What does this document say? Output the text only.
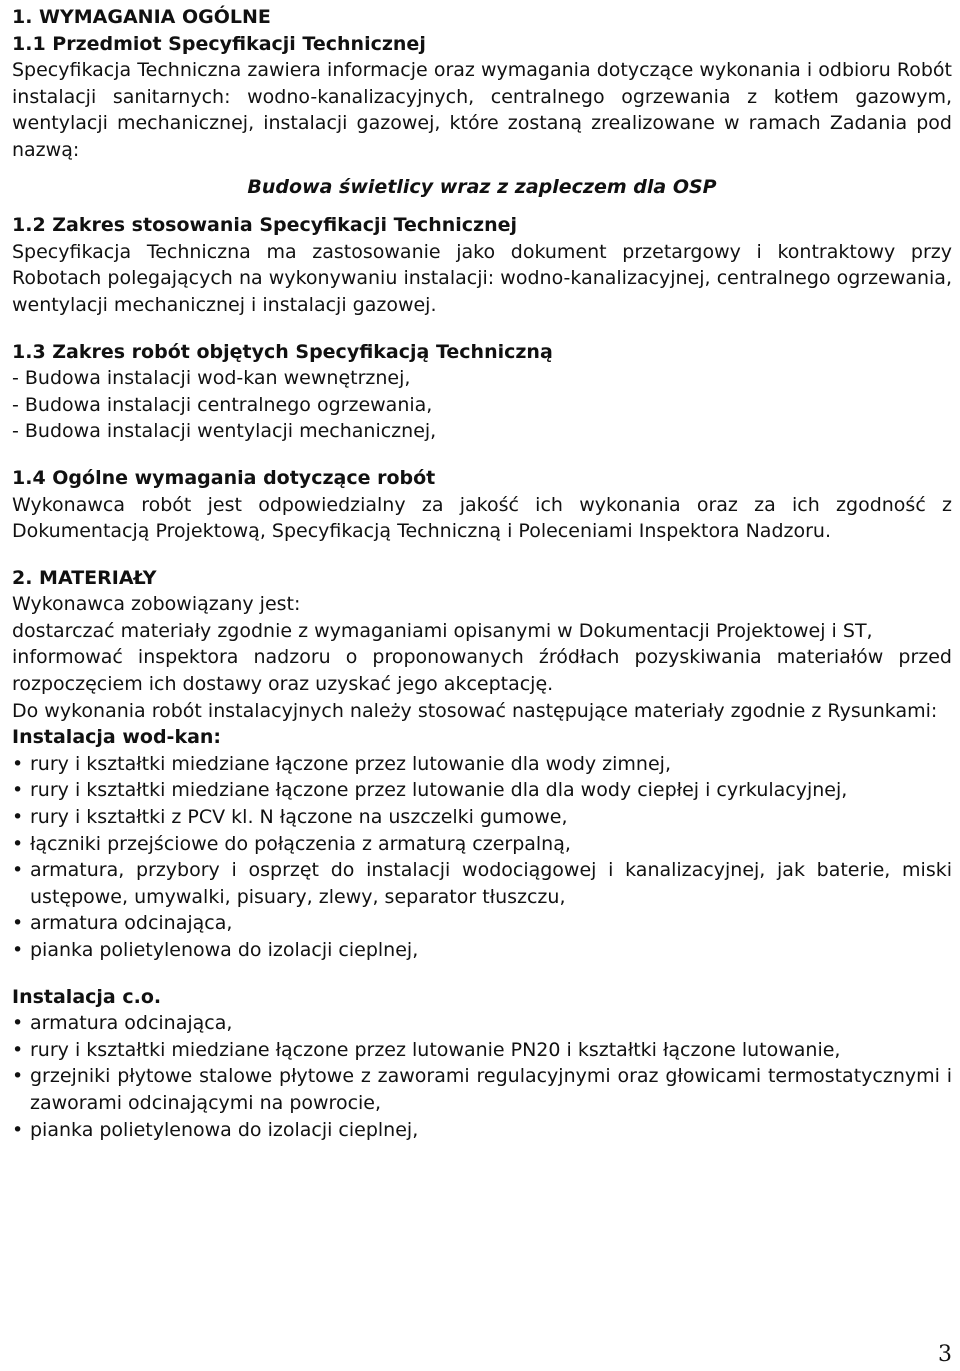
1. WYMAGANIA OGÓLNE
1.1 Przedmiot Specyfikacji Technicznej

Specyfikacja Techniczna zawiera informacje oraz wymagania dotyczące wykonania i odbioru Robót instalacji sanitarnych: wodno-kanalizacyjnych, centralnego ogrzewania z kotłem gazowym, wentylacji mechanicznej, instalacji gazowej, które zostaną zrealizowane w ramach Zadania pod nazwą:

Budowa świetlicy wraz z zapleczem dla OSP

1.2 Zakres stosowania Specyfikacji Technicznej

Specyfikacja Techniczna ma zastosowanie jako dokument przetargowy i kontraktowy przy Robotach polegających na wykonywaniu instalacji: wodno-kanalizacyjnej, centralnego ogrzewania, wentylacji mechanicznej i instalacji gazowej.

1.3 Zakres robót objętych Specyfikacją Techniczną
- Budowa instalacji wod-kan wewnętrznej,
- Budowa instalacji centralnego ogrzewania,
- Budowa instalacji wentylacji mechanicznej,
1.4 Ogólne wymagania dotyczące robót

Wykonawca robót jest odpowiedzialny za jakość ich wykonania oraz za ich zgodność z Dokumentacją Projektową, Specyfikacją Techniczną i Poleceniami Inspektora Nadzoru.

2. MATERIAŁY

Wykonawca zobowiązany jest:

dostarczać materiały zgodnie z wymaganiami opisanymi w Dokumentacji Projektowej i ST,

informować inspektora nadzoru o proponowanych źródłach pozyskiwania materiałów przed rozpoczęciem ich dostawy oraz uzyskać jego akceptację.

Do wykonania robót instalacyjnych należy stosować następujące materiały zgodnie z Rysunkami:

Instalacja wod-kan:
• rury i kształtki miedziane łączone przez lutowanie dla wody zimnej,
• rury i kształtki miedziane łączone przez lutowanie dla dla wody ciepłej i cyrkulacyjnej,
• rury i kształtki z PCV kl. N łączone na uszczelki gumowe,
• łączniki przejściowe do połączenia z armaturą czerpalną,
• armatura, przybory i osprzęt do instalacji wodociągowej i kanalizacyjnej, jak baterie, miski ustępowe, umywalki, pisuary, zlewy, separator tłuszczu,
• armatura odcinająca,
• pianka polietylenowa do izolacji cieplnej,
Instalacja c.o.
• armatura odcinająca,
• rury i kształtki miedziane łączone przez lutowanie PN20 i kształtki łączone lutowanie,
• grzejniki płytowe stalowe płytowe z zaworami regulacyjnymi oraz głowicami termostatycznymi i zaworami odcinającymi na powrocie,
• pianka polietylenowa do izolacji cieplnej,
3
